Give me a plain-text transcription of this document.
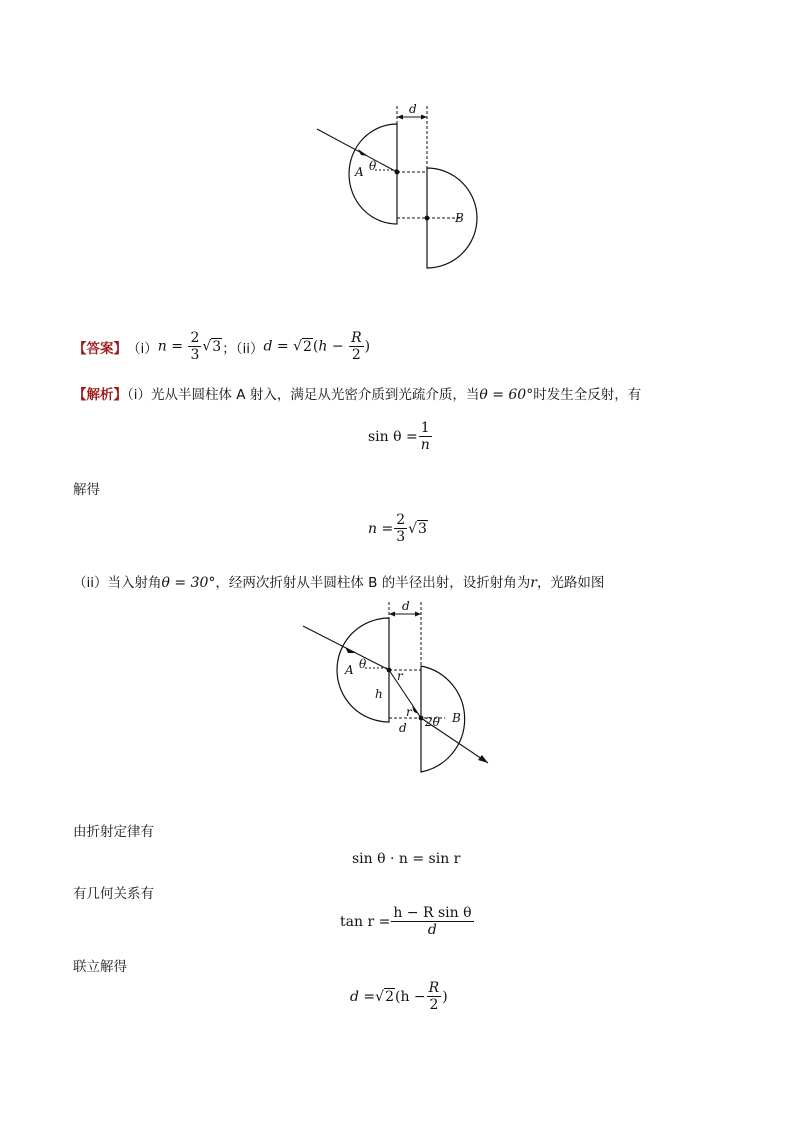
d
θ
A
B
【答案】 （i） $n = \frac{2}{3} √3$ ；（ii） $d = √2(h - \frac{R}{2}$ )
【解析】（i）光从半圆柱体 A 射入，满足从光密介质到光疏介质，当θ = 60°时发生全反射，有
$\sin \theta = \frac{1}{n}$
解得
$n = \frac{2}{3}$ √ 3
（ii）当入射角θ = 30°，经两次折射从半圆柱体 B 的半径出射，设折射角为r，光路如图
d
θ
A	r
h
r
2θ
d
B
由折射定律有
sin θ · n = sin r
有几何关系有
$\tan r = \frac{\text{h − R sin θ}}{d}$
联立解得
d = √ 2 ($h - \frac{R}{2}$ )
